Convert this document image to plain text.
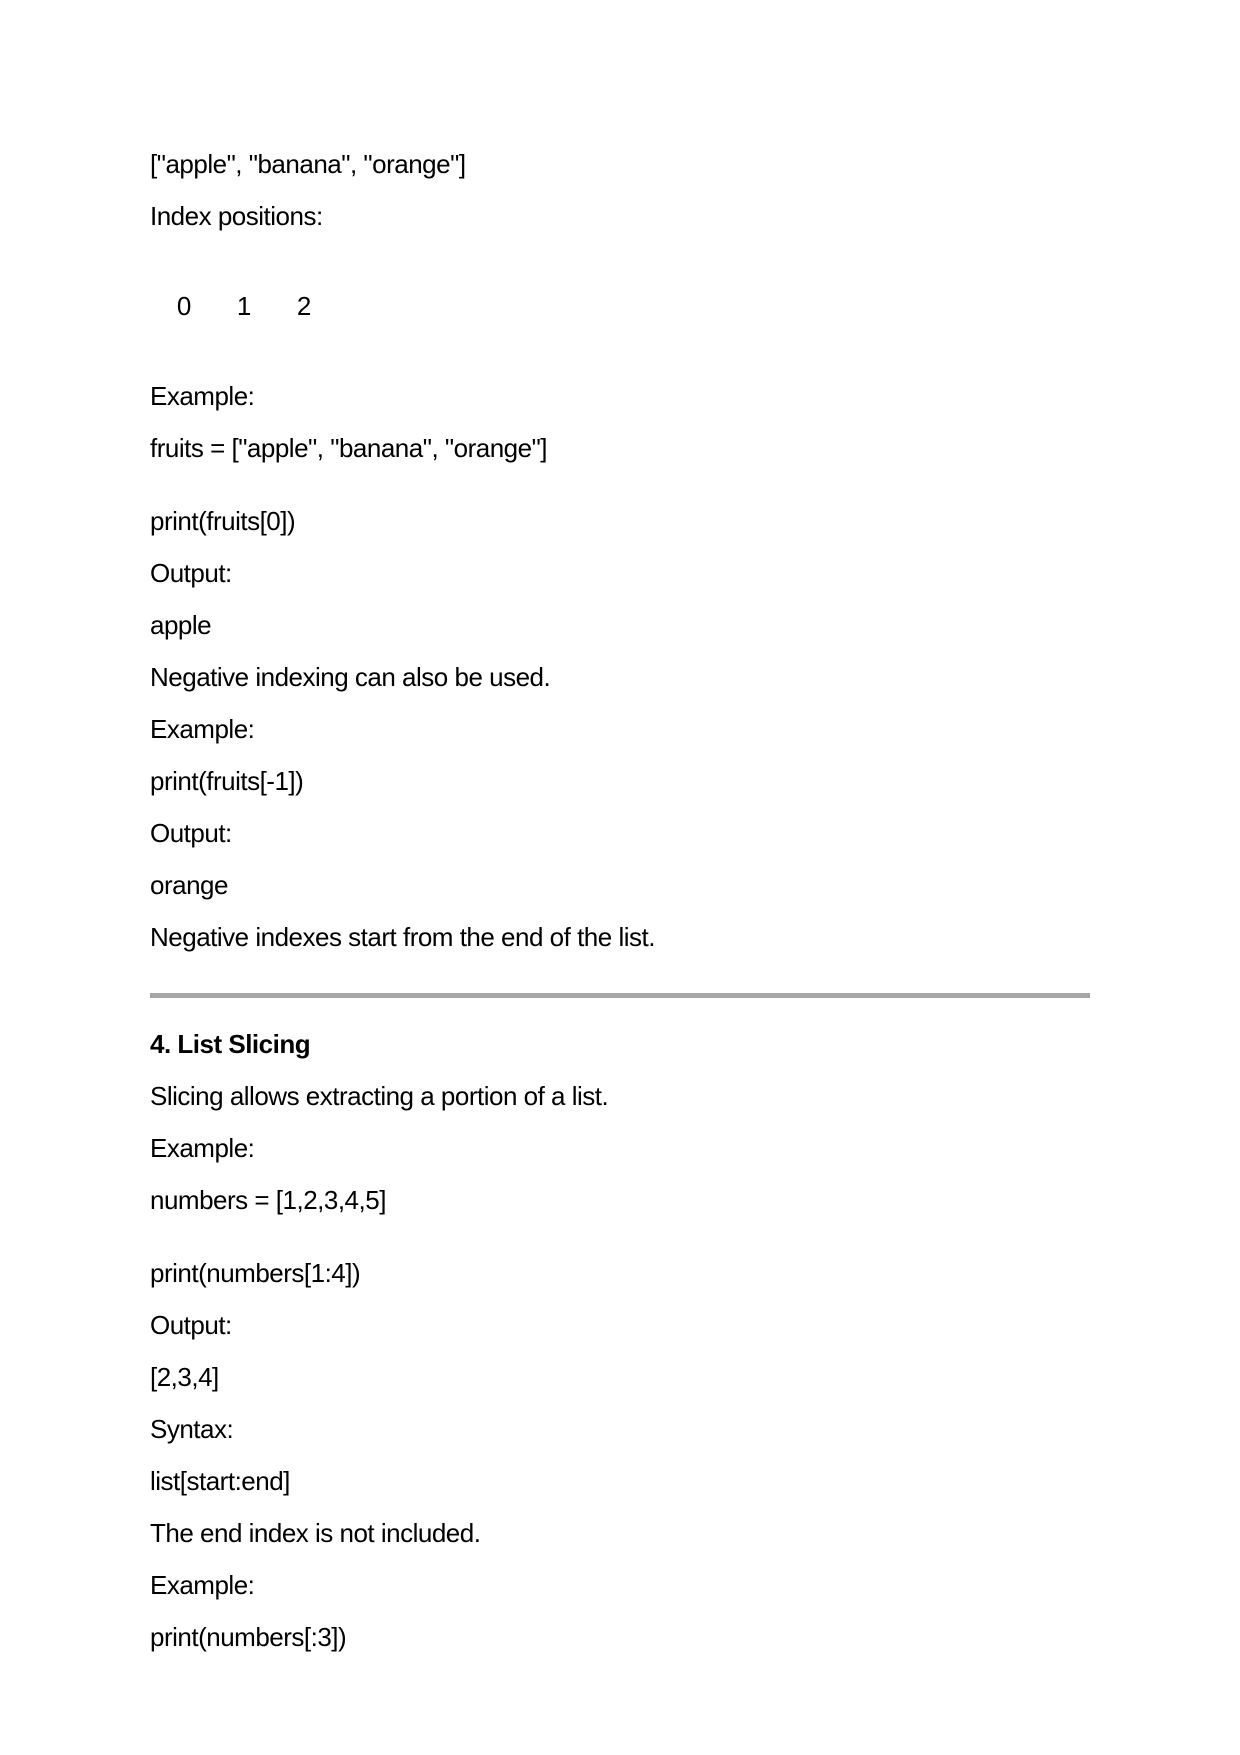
["apple", "banana", "orange"]

Index positions:

0 1 2

Example:

fruits = ["apple", "banana", "orange"]

print(fruits[0])

Output:

apple

Negative indexing can also be used.

Example:

print(fruits[-1])

Output:

orange

Negative indexes start from the end of the list.

4. List Slicing

Slicing allows extracting a portion of a list.

Example:

numbers = [1,2,3,4,5]

print(numbers[1:4])

Output:

[2,3,4]

Syntax:

list[start:end]

The end index is not included.

Example:

print(numbers[:3])
